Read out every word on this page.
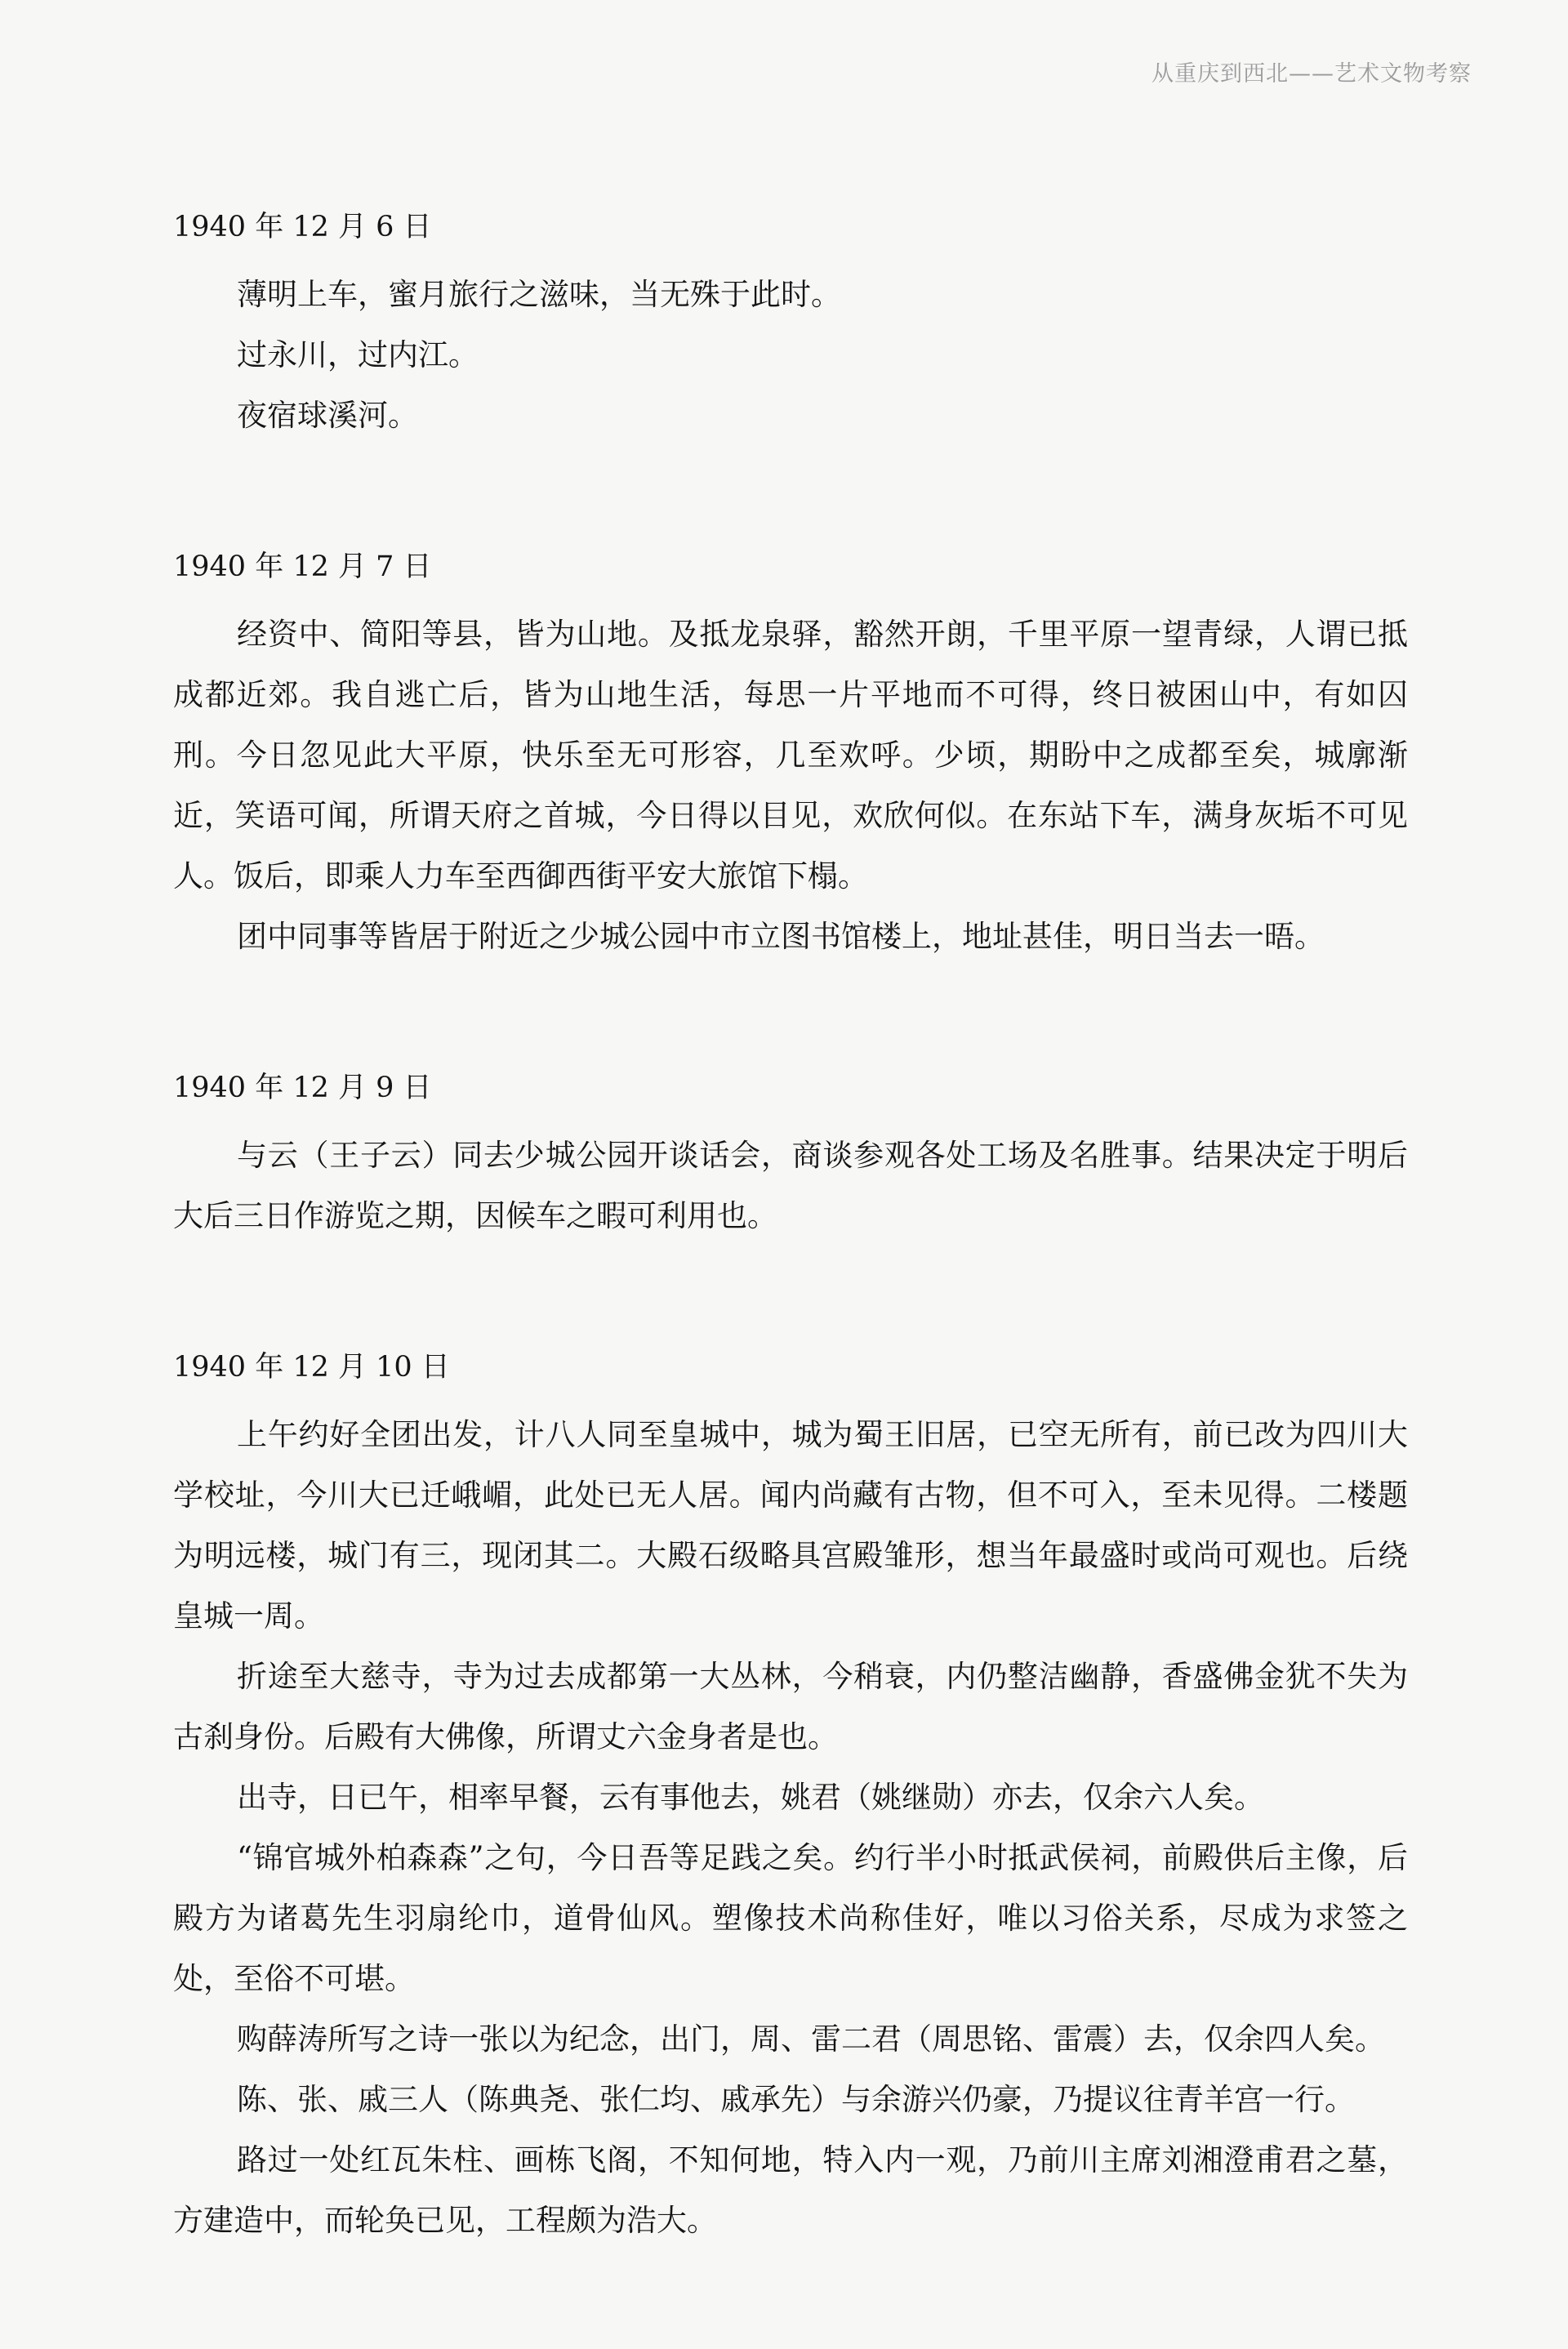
从重庆到西北——艺术文物考察

1940 年 12 月 6 日

薄明上车，蜜月旅行之滋味，当无殊于此时。

过永川，过内江。

夜宿球溪河。

1940 年 12 月 7 日

经资中、简阳等县，皆为山地。及抵龙泉驿，豁然开朗，千里平原一望青绿，人谓已抵成都近郊。我自逃亡后，皆为山地生活，每思一片平地而不可得，终日被困山中，有如囚刑。今日忽见此大平原，快乐至无可形容，几至欢呼。少顷，期盼中之成都至矣，城廓渐近，笑语可闻，所谓天府之首城，今日得以目见，欢欣何似。在东站下车，满身灰垢不可见人。饭后，即乘人力车至西御西街平安大旅馆下榻。

团中同事等皆居于附近之少城公园中市立图书馆楼上，地址甚佳，明日当去一晤。

1940 年 12 月 9 日

与云（王子云）同去少城公园开谈话会，商谈参观各处工场及名胜事。结果决定于明后大后三日作游览之期，因候车之暇可利用也。

1940 年 12 月 10 日

上午约好全团出发，计八人同至皇城中，城为蜀王旧居，已空无所有，前已改为四川大学校址，今川大已迁峨嵋，此处已无人居。闻内尚藏有古物，但不可入，至未见得。二楼题为明远楼，城门有三，现闭其二。大殿石级略具宫殿雏形，想当年最盛时或尚可观也。后绕皇城一周。

折途至大慈寺，寺为过去成都第一大丛林，今稍衰，内仍整洁幽静，香盛佛金犹不失为古刹身份。后殿有大佛像，所谓丈六金身者是也。

出寺，日已午，相率早餐，云有事他去，姚君（姚继勋）亦去，仅余六人矣。

“锦官城外柏森森”之句，今日吾等足践之矣。约行半小时抵武侯祠，前殿供后主像，后殿方为诸葛先生羽扇纶巾，道骨仙风。塑像技术尚称佳好，唯以习俗关系，尽成为求签之处，至俗不可堪。

购薛涛所写之诗一张以为纪念，出门，周、雷二君（周思铭、雷震）去，仅余四人矣。

陈、张、戚三人（陈典尧、张仁均、戚承先）与余游兴仍豪，乃提议往青羊宫一行。

路过一处红瓦朱柱、画栋飞阁，不知何地，特入内一观，乃前川主席刘湘澄甫君之墓，方建造中，而轮奂已见，工程颇为浩大。
